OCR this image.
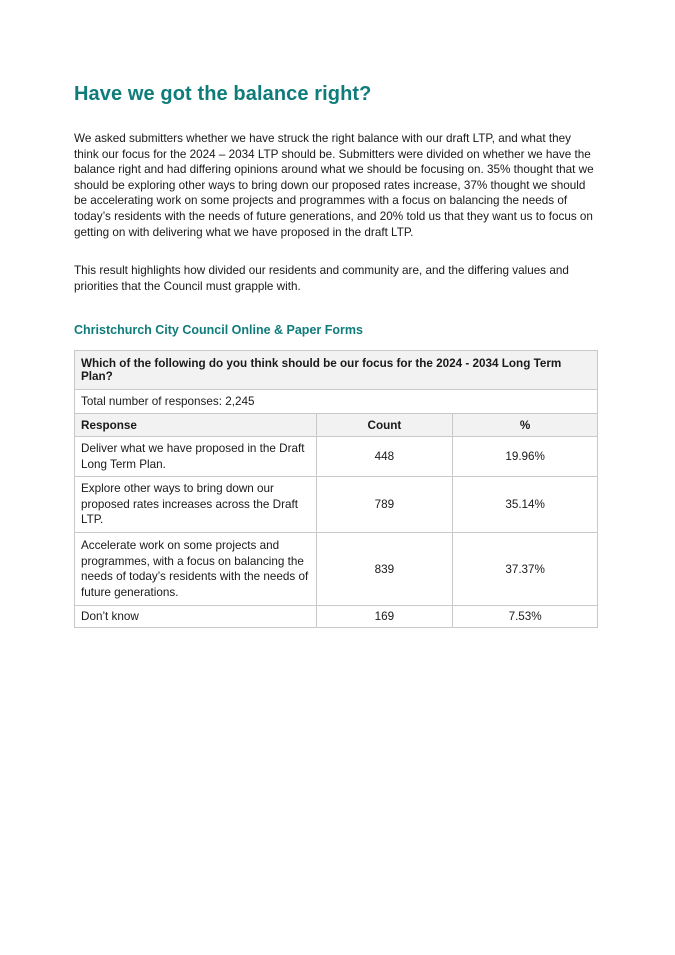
Have we got the balance right?

We asked submitters whether we have struck the right balance with our draft LTP, and what they think our focus for the 2024 – 2034 LTP should be. Submitters were divided on whether we have the balance right and had differing opinions around what we should be focusing on. 35% thought that we should be exploring other ways to bring down our proposed rates increase, 37% thought we should be accelerating work on some projects and programmes with a focus on balancing the needs of today’s residents with the needs of future generations, and 20% told us that they want us to focus on getting on with delivering what we have proposed in the draft LTP.

This result highlights how divided our residents and community are, and the differing values and priorities that the Council must grapple with.

Christchurch City Council Online & Paper Forms
Which of the following do you think should be our focus for the 2024 - 2034 Long Term Plan?		
Total number of responses: 2,245		
Response	Count	%
Deliver what we have proposed in the Draft Long Term Plan.	448	19.96%
Explore other ways to bring down our proposed rates increases across the Draft LTP.	789	35.14%
Accelerate work on some projects and programmes, with a focus on balancing the needs of today’s residents with the needs of future generations.	839	37.37%
Don’t know	169	7.53%
